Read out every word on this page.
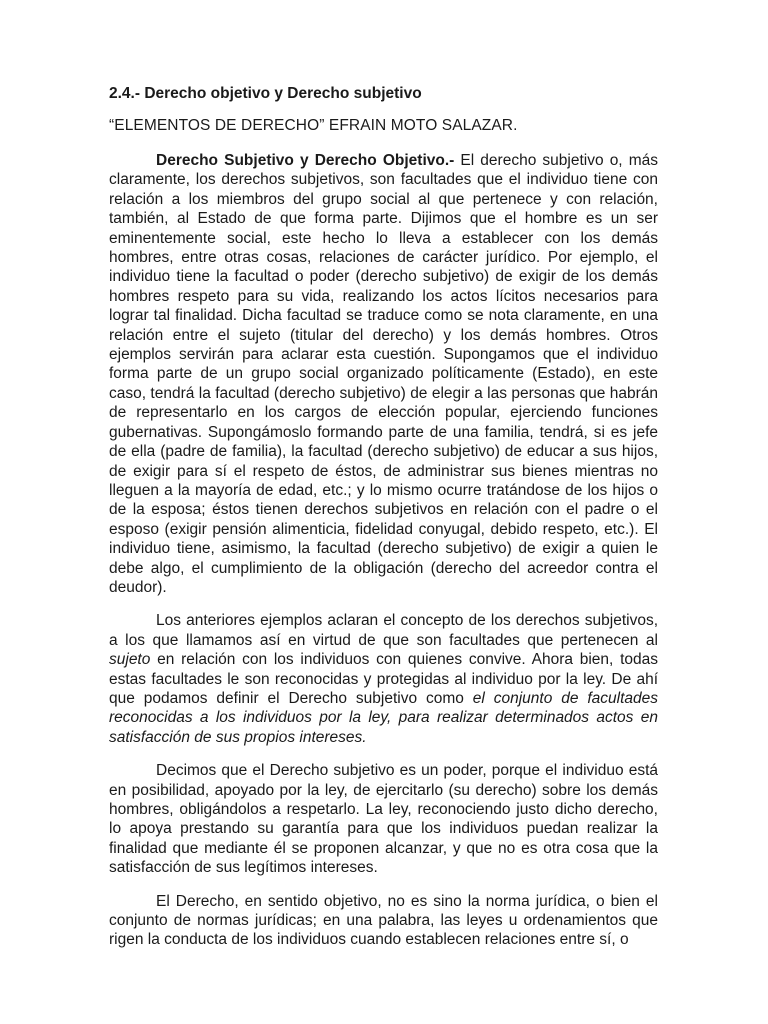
2.4.- Derecho objetivo y Derecho subjetivo
“ELEMENTOS DE DERECHO” EFRAIN MOTO SALAZAR.

Derecho Subjetivo y Derecho Objetivo.- El derecho subjetivo o, más claramente, los derechos subjetivos, son facultades que el individuo tiene con relación a los miembros del grupo social al que pertenece y con relación, también, al Estado de que forma parte. Dijimos que el hombre es un ser eminentemente social, este hecho lo lleva a establecer con los demás hombres, entre otras cosas, relaciones de carácter jurídico. Por ejemplo, el individuo tiene la facultad o poder (derecho subjetivo) de exigir de los demás hombres respeto para su vida, realizando los actos lícitos necesarios para lograr tal finalidad. Dicha facultad se traduce como se nota claramente, en una relación entre el sujeto (titular del derecho) y los demás hombres. Otros ejemplos servirán para aclarar esta cuestión. Supongamos que el individuo forma parte de un grupo social organizado políticamente (Estado), en este caso, tendrá la facultad (derecho subjetivo) de elegir a las personas que habrán de representarlo en los cargos de elección popular, ejerciendo funciones gubernativas. Supongámoslo formando parte de una familia, tendrá, si es jefe de ella (padre de familia), la facultad (derecho subjetivo) de educar a sus hijos, de exigir para sí el respeto de éstos, de administrar sus bienes mientras no lleguen a la mayoría de edad, etc.; y lo mismo ocurre tratándose de los hijos o de la esposa; éstos tienen derechos subjetivos en relación con el padre o el esposo (exigir pensión alimenticia, fidelidad conyugal, debido respeto, etc.). El individuo tiene, asimismo, la facultad (derecho subjetivo) de exigir a quien le debe algo, el cumplimiento de la obligación (derecho del acreedor contra el deudor).

Los anteriores ejemplos aclaran el concepto de los derechos subjetivos, a los que llamamos así en virtud de que son facultades que pertenecen al sujeto en relación con los individuos con quienes convive. Ahora bien, todas estas facultades le son reconocidas y protegidas al individuo por la ley. De ahí que podamos definir el Derecho subjetivo como el conjunto de facultades reconocidas a los individuos por la ley, para realizar determinados actos en satisfacción de sus propios intereses.

Decimos que el Derecho subjetivo es un poder, porque el individuo está en posibilidad, apoyado por la ley, de ejercitarlo (su derecho) sobre los demás hombres, obligándolos a respetarlo. La ley, reconociendo justo dicho derecho, lo apoya prestando su garantía para que los individuos puedan realizar la finalidad que mediante él se proponen alcanzar, y que no es otra cosa que la satisfacción de sus legítimos intereses.

El Derecho, en sentido objetivo, no es sino la norma jurídica, o bien el conjunto de normas jurídicas; en una palabra, las leyes u ordenamientos que rigen la conducta de los individuos cuando establecen relaciones entre sí, o
